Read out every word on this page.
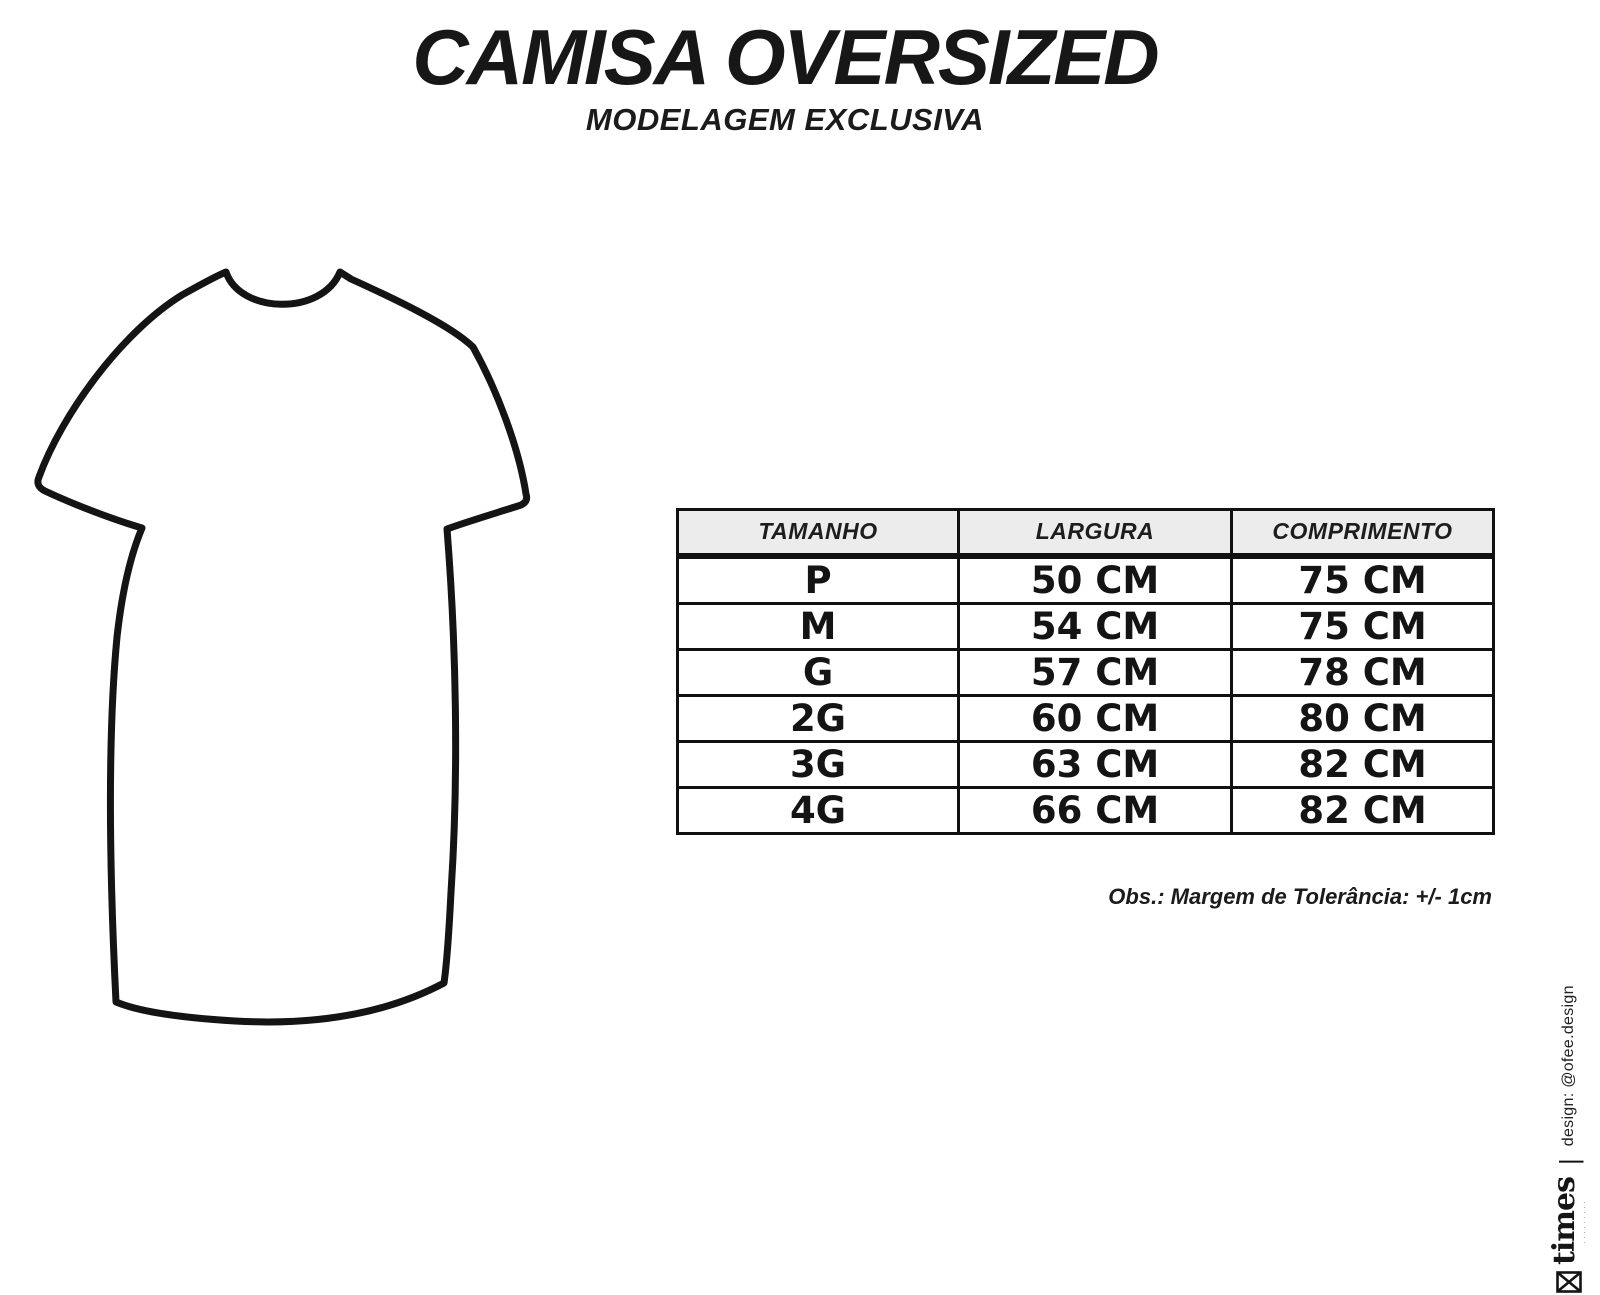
CAMISA OVERSIZED
MODELAGEM EXCLUSIVA
TAMANHO	LARGURA	COMPRIMENTO
P	50 CM	75 CM
M	54 CM	75 CM
G	57 CM	78 CM
2G	60 CM	80 CM
3G	63 CM	82 CM
4G	66 CM	82 CM
Obs.: Margem de Tolerância: +/- 1cm
times ·········
|
design: @ofee.design
